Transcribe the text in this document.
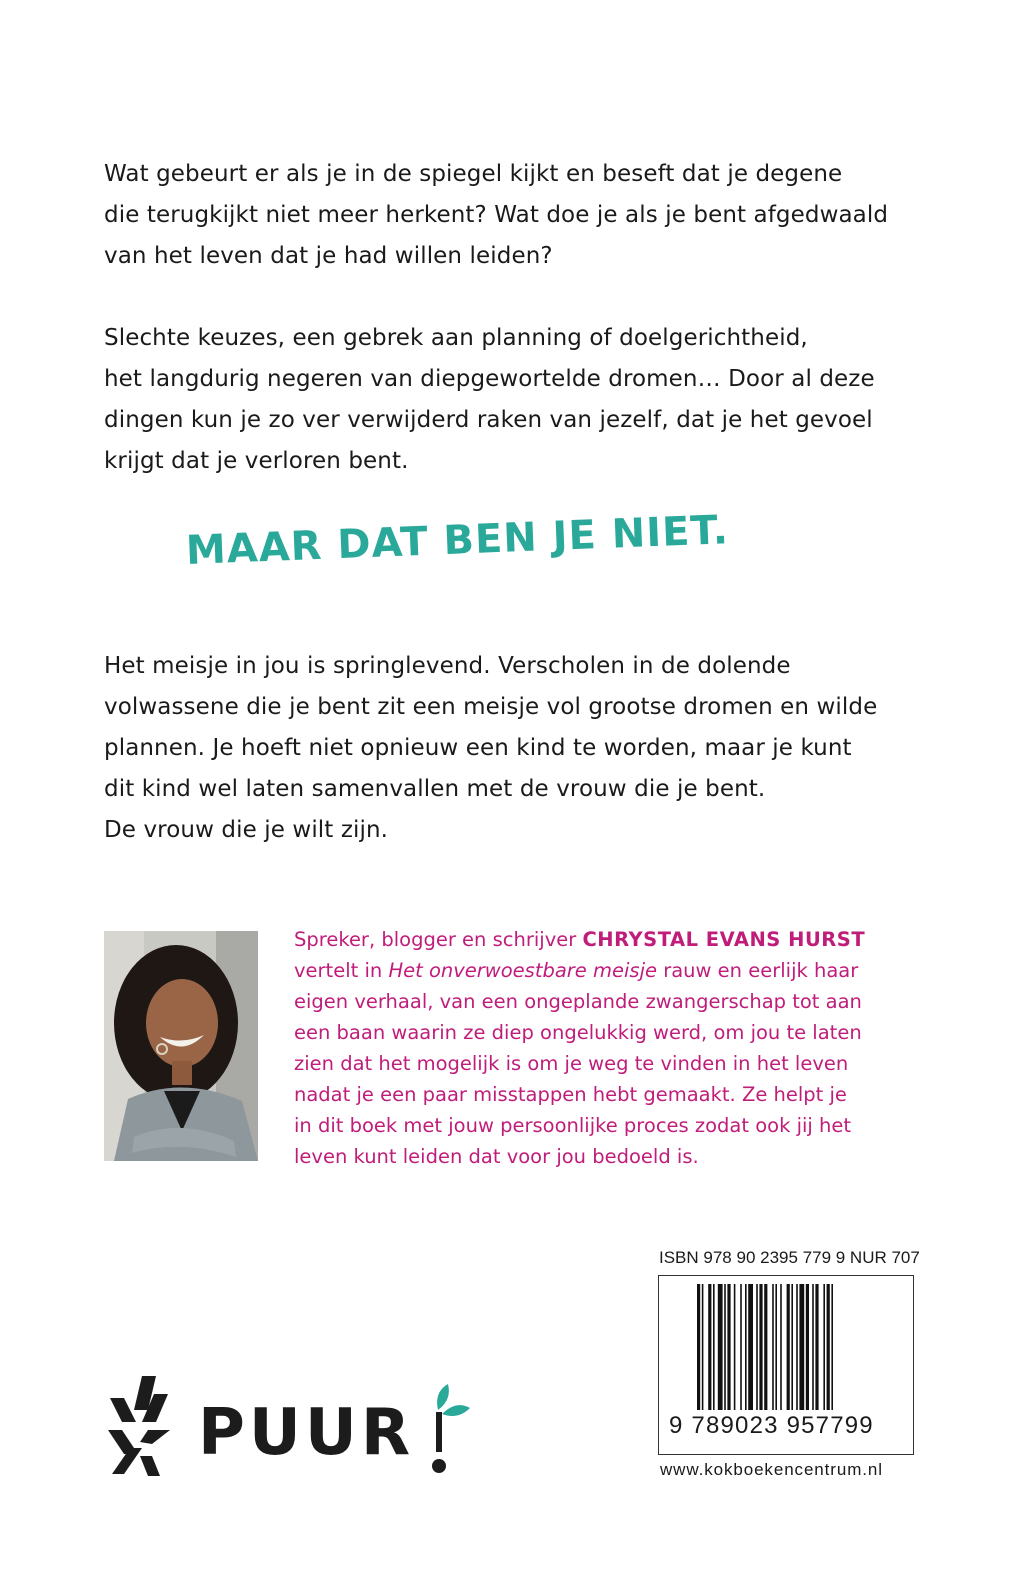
Wat gebeurt er als je in de spiegel kijkt en beseft dat je degene
die terugkijkt niet meer herkent? Wat doe je als je bent afgedwaald
van het leven dat je had willen leiden?
Slechte keuzes, een gebrek aan planning of doelgerichtheid,
het langdurig negeren van diepgewortelde dromen… Door al deze
dingen kun je zo ver verwijderd raken van jezelf, dat je het gevoel
krijgt dat je verloren bent.
MAAR DAT BEN JE NIET.
Het meisje in jou is springlevend. Verscholen in de dolende
volwassene die je bent zit een meisje vol grootse dromen en wilde
plannen. Je hoeft niet opnieuw een kind te worden, maar je kunt
dit kind wel laten samenvallen met de vrouw die je bent.
De vrouw die je wilt zijn.
Spreker, blogger en schrijver CHRYSTAL EVANS HURST
vertelt in Het onverwoestbare meisje rauw en eerlijk haar
eigen verhaal, van een ongeplande zwangerschap tot aan
een baan waarin ze diep ongelukkig werd, om jou te laten
zien dat het mogelijk is om je weg te vinden in het leven
nadat je een paar misstappen hebt gemaakt. Ze helpt je
in dit boek met jouw persoonlijke proces zodat ook jij het
leven kunt leiden dat voor jou bedoeld is.
ISBN 978 90 2395 779 9 NUR 707
9 789023 957799
www.kokboekencentrum.nl
PUUR
